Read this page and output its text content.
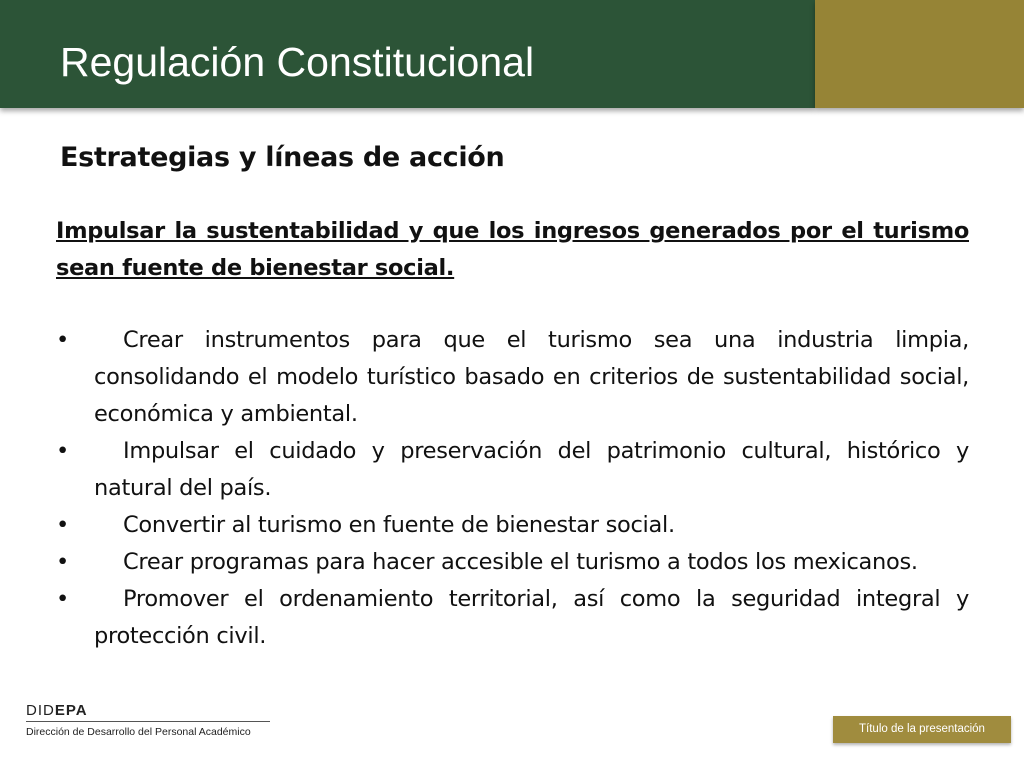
Regulación Constitucional
Estrategias y líneas de acción

Impulsar la sustentabilidad y que los ingresos generados por el turismo sean fuente de bienestar social.

•	Crear instrumentos para que el turismo sea una industria limpia, consolidando el modelo turístico basado en criterios de sustentabilidad social, económica y ambiental.
•	Impulsar el cuidado y preservación del patrimonio cultural, histórico y natural del país.
•	Convertir al turismo en fuente de bienestar social.
•	Crear programas para hacer accesible el turismo a todos los mexicanos.
•	Promover el ordenamiento territorial, así como la seguridad integral y protección civil.
DIDEPA
Dirección de Desarrollo del Personal Académico	Título de la presentación
